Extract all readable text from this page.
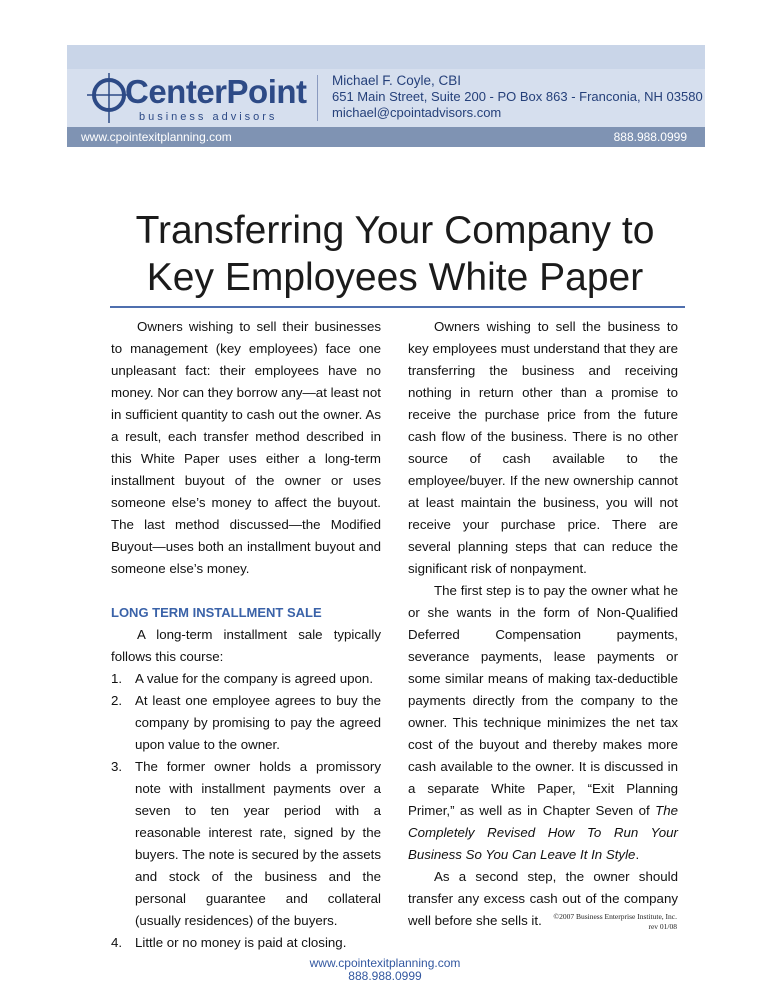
CenterPoint
business advisors
Michael F. Coyle, CBI
651 Main Street, Suite 200 - PO Box 863 - Franconia, NH 03580
michael@cpointadvisors.com
www.cpointexitplanning.com	888.988.0999
Transferring Your Company to
Key Employees White Paper

Owners wishing to sell their businesses to management (key employees) face one unpleasant fact: their employees have no money. Nor can they borrow any—at least not in sufficient quantity to cash out the owner. As a result, each transfer method described in this White Paper uses either a long-term installment buyout of the owner or uses someone else’s money to affect the buyout. The last method discussed—the Modified Buyout—uses both an installment buyout and someone else’s money.

LONG TERM INSTALLMENT SALE

A long-term installment sale typically follows this course:

1. A value for the company is agreed upon.
2. At least one employee agrees to buy the company by promising to pay the agreed upon value to the owner.
3. The former owner holds a promissory note with installment payments over a seven to ten year period with a reasonable interest rate, signed by the buyers. The note is secured by the assets and stock of the business and the personal guarantee and collateral (usually residences) of the buyers.
4. Little or no money is paid at closing.

Owners wishing to sell the business to key employees must understand that they are transferring the business and receiving nothing in return other than a promise to receive the purchase price from the future cash flow of the business. There is no other source of cash available to the employee/buyer. If the new ownership cannot at least maintain the business, you will not receive your purchase price. There are several planning steps that can reduce the significant risk of nonpayment.

The first step is to pay the owner what he or she wants in the form of Non-Qualified Deferred Compensation payments, severance payments, lease payments or some similar means of making tax-deductible payments directly from the company to the owner. This technique minimizes the net tax cost of the buyout and thereby makes more cash available to the owner. It is discussed in a separate White Paper, “Exit Planning Primer,” as well as in Chapter Seven of The Completely Revised How To Run Your Business So You Can Leave It In Style.

As a second step, the owner should transfer any excess cash out of the company well before she sells it.	©2007 Business Enterprise Institute, Inc.
rev 01/08
www.cpointexitplanning.com
888.988.0999
